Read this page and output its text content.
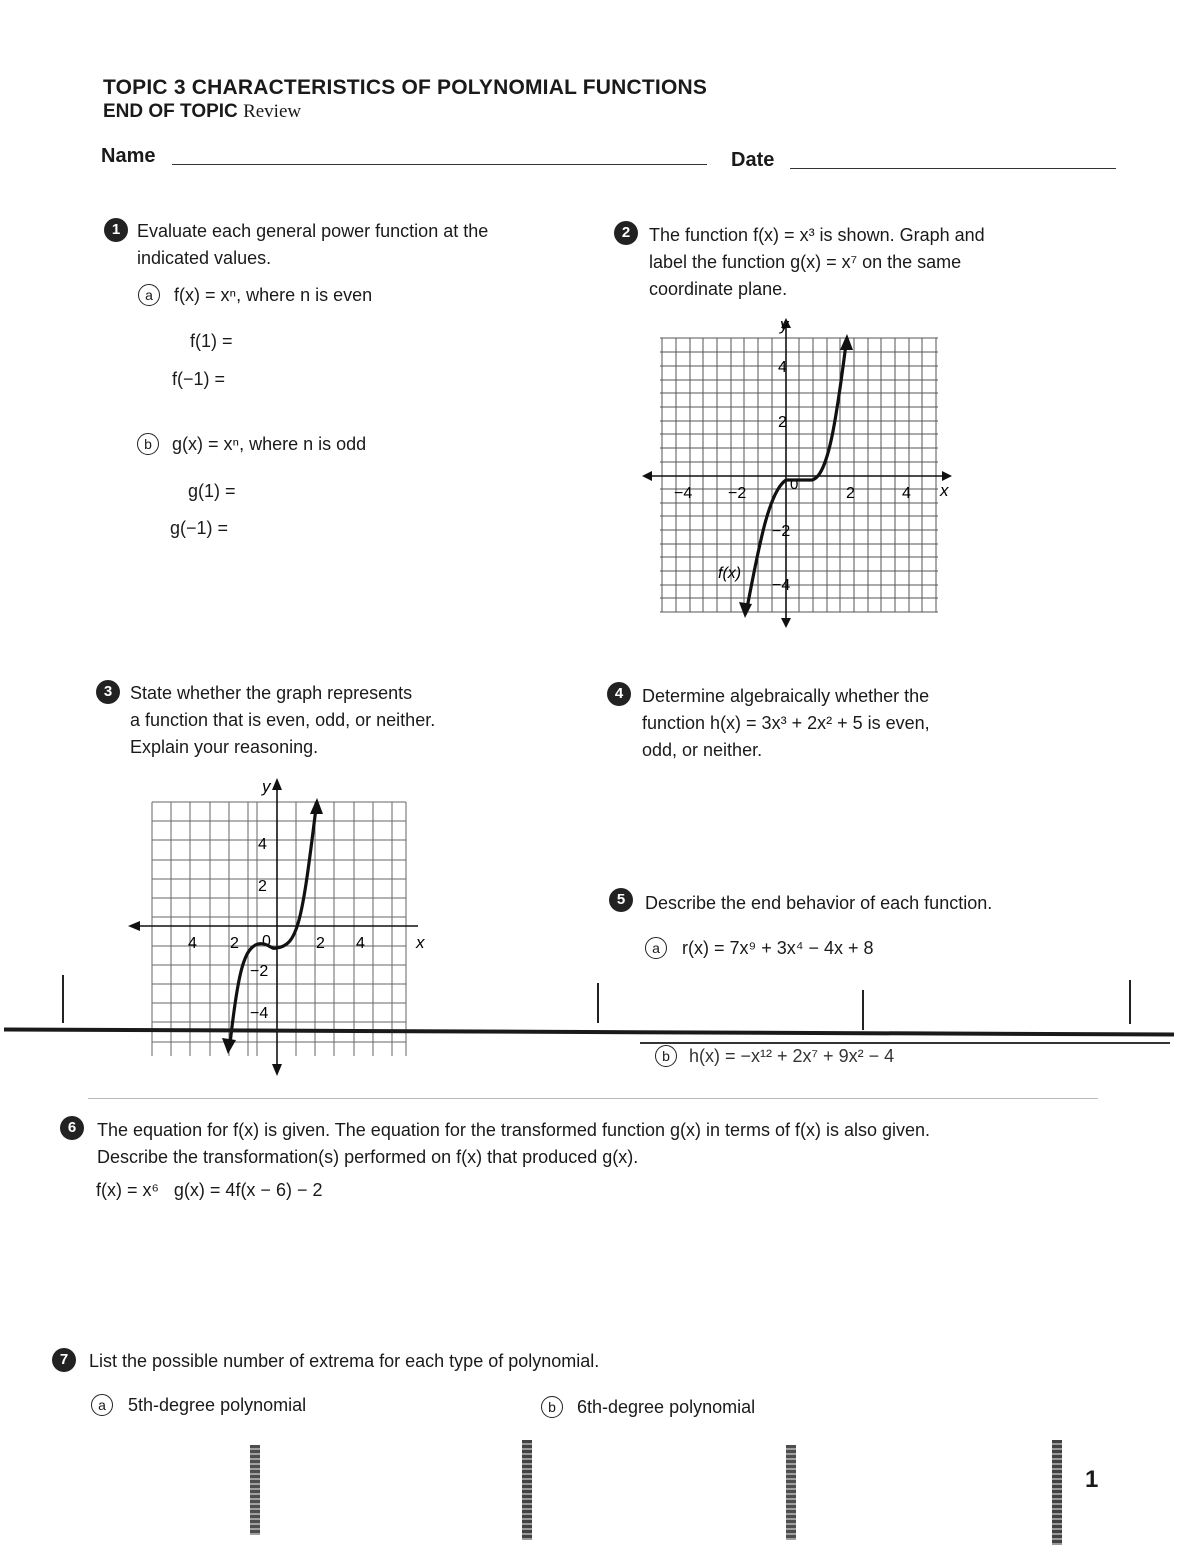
TOPIC 3 CHARACTERISTICS OF POLYNOMIAL FUNCTIONS
END OF TOPIC Review
Name	Date
1 Evaluate each general power function at the
indicated values.
a	f(x) = xⁿ, where n is even
f(1) =
f(−1) =
b	g(x) = xⁿ, where n is odd
g(1) =
g(−1) =
2	The function f(x) = x³ is shown. Graph and
label the function g(x) = x⁷ on the same
coordinate plane.
y
x
0
−4 −2	2	4
4
2
−2
−4
f(x)
3 State whether the graph represents
a function that is even, odd, or neither.
Explain your reasoning.
y
x
0
4 2	2 4
4
2
−2
−4
4	Determine algebraically whether the
function h(x) = 3x³ + 2x² + 5 is even,
odd, or neither.
5	Describe the end behavior of each function.
a	r(x) = 7x⁹ + 3x⁴ − 4x + 8
b	h(x) = −x¹² + 2x⁷ + 9x² − 4
6	The equation for f(x) is given. The equation for the transformed function g(x) in terms of f(x) is also given.
Describe the transformation(s) performed on f(x) that produced g(x).
f(x) = x⁶   g(x) = 4f(x − 6) − 2
7	List the possible number of extrema for each type of polynomial.
a	5th-degree polynomial	b	6th-degree polynomial
1
